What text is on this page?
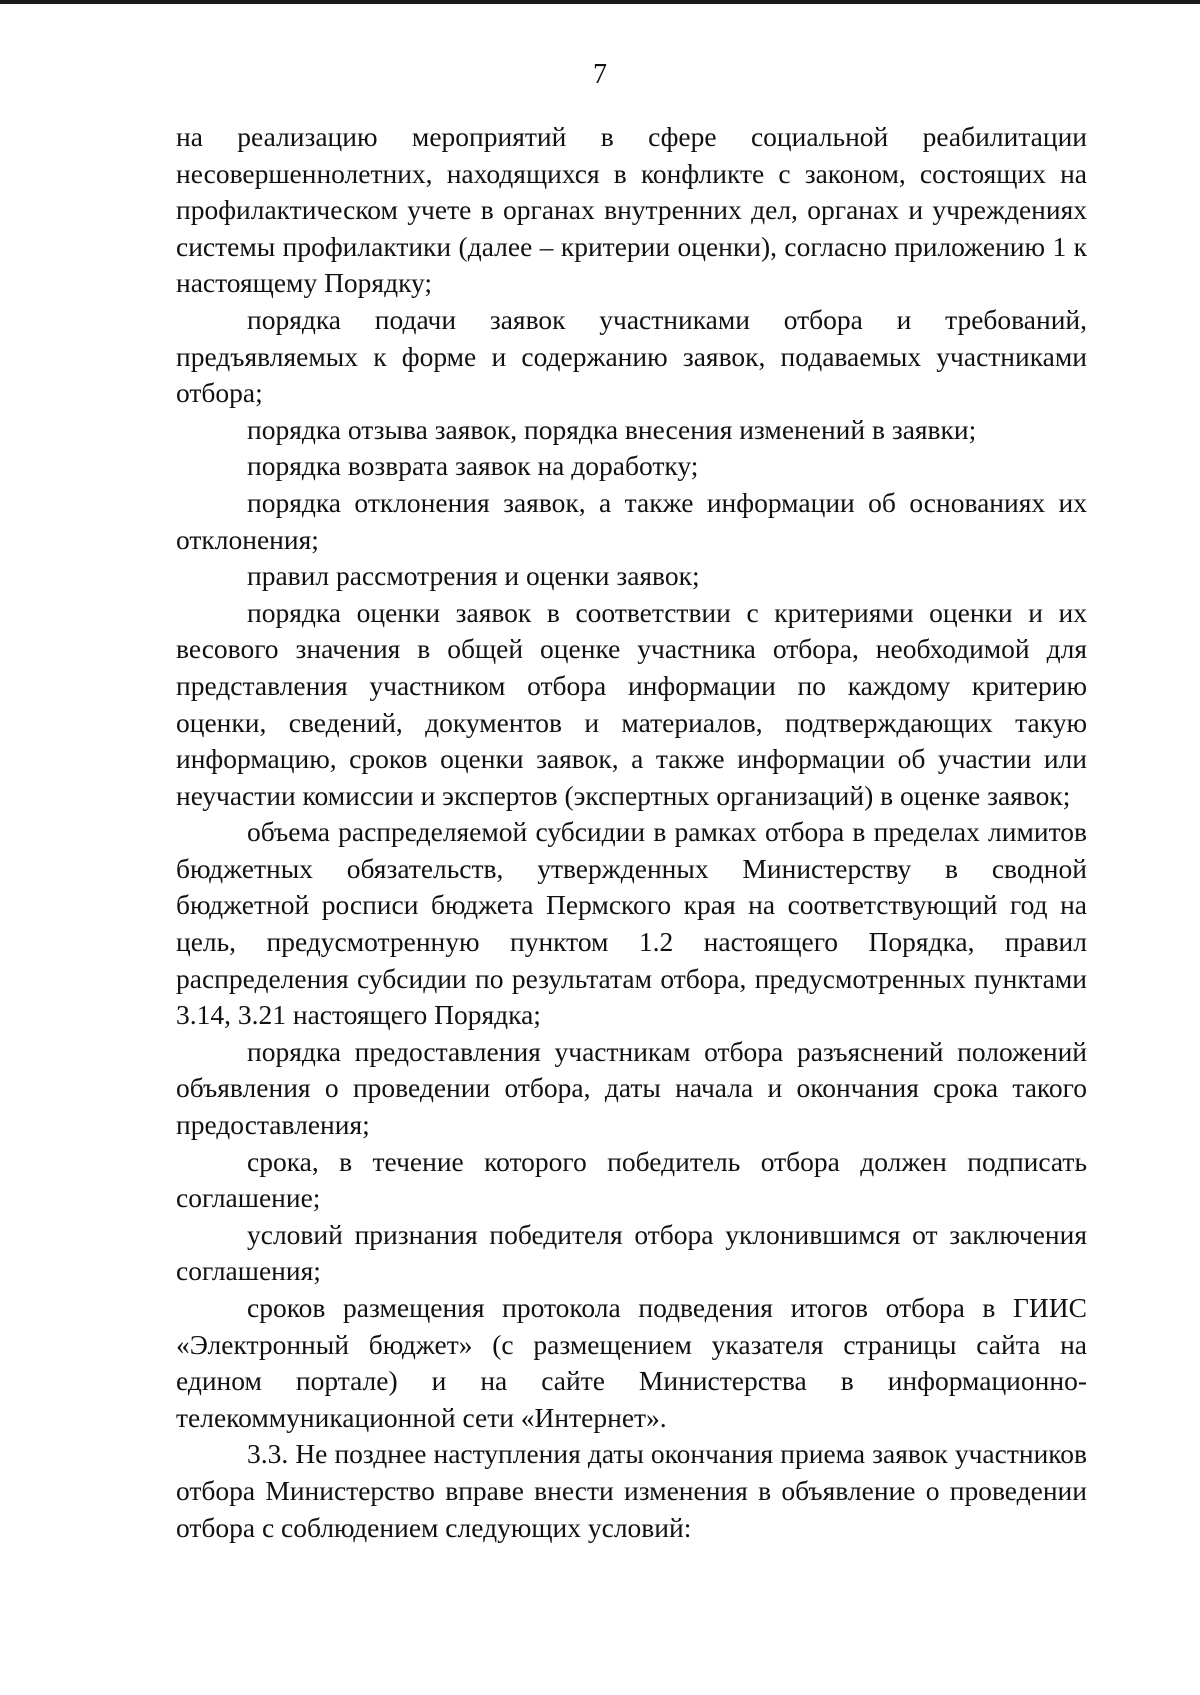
7

на реализацию мероприятий в сфере социальной реабилитации несовершеннолетних, находящихся в конфликте с законом, состоящих на профилактическом учете в органах внутренних дел, органах и учреждениях системы профилактики (далее – критерии оценки), согласно приложению 1 к настоящему Порядку;

порядка подачи заявок участниками отбора и требований, предъявляемых к форме и содержанию заявок, подаваемых участниками отбора;

порядка отзыва заявок, порядка внесения изменений в заявки;

порядка возврата заявок на доработку;

порядка отклонения заявок, а также информации об основаниях их отклонения;

правил рассмотрения и оценки заявок;

порядка оценки заявок в соответствии с критериями оценки и их весового значения в общей оценке участника отбора, необходимой для представления участником отбора информации по каждому критерию оценки, сведений, документов и материалов, подтверждающих такую информацию, сроков оценки заявок, а также информации об участии или неучастии комиссии и экспертов (экспертных организаций) в оценке заявок;

объема распределяемой субсидии в рамках отбора в пределах лимитов бюджетных обязательств, утвержденных Министерству в сводной бюджетной росписи бюджета Пермского края на соответствующий год на цель, предусмотренную пунктом 1.2 настоящего Порядка, правил распределения субсидии по результатам отбора, предусмотренных пунктами 3.14, 3.21 настоящего Порядка;

порядка предоставления участникам отбора разъяснений положений объявления о проведении отбора, даты начала и окончания срока такого предоставления;

срока, в течение которого победитель отбора должен подписать соглашение;

условий признания победителя отбора уклонившимся от заключения соглашения;

сроков размещения протокола подведения итогов отбора в ГИИС «Электронный бюджет» (с размещением указателя страницы сайта на едином портале) и на сайте Министерства в информационно-телекоммуникационной сети «Интернет».

3.3. Не позднее наступления даты окончания приема заявок участников отбора Министерство вправе внести изменения в объявление о проведении отбора с соблюдением следующих условий:
